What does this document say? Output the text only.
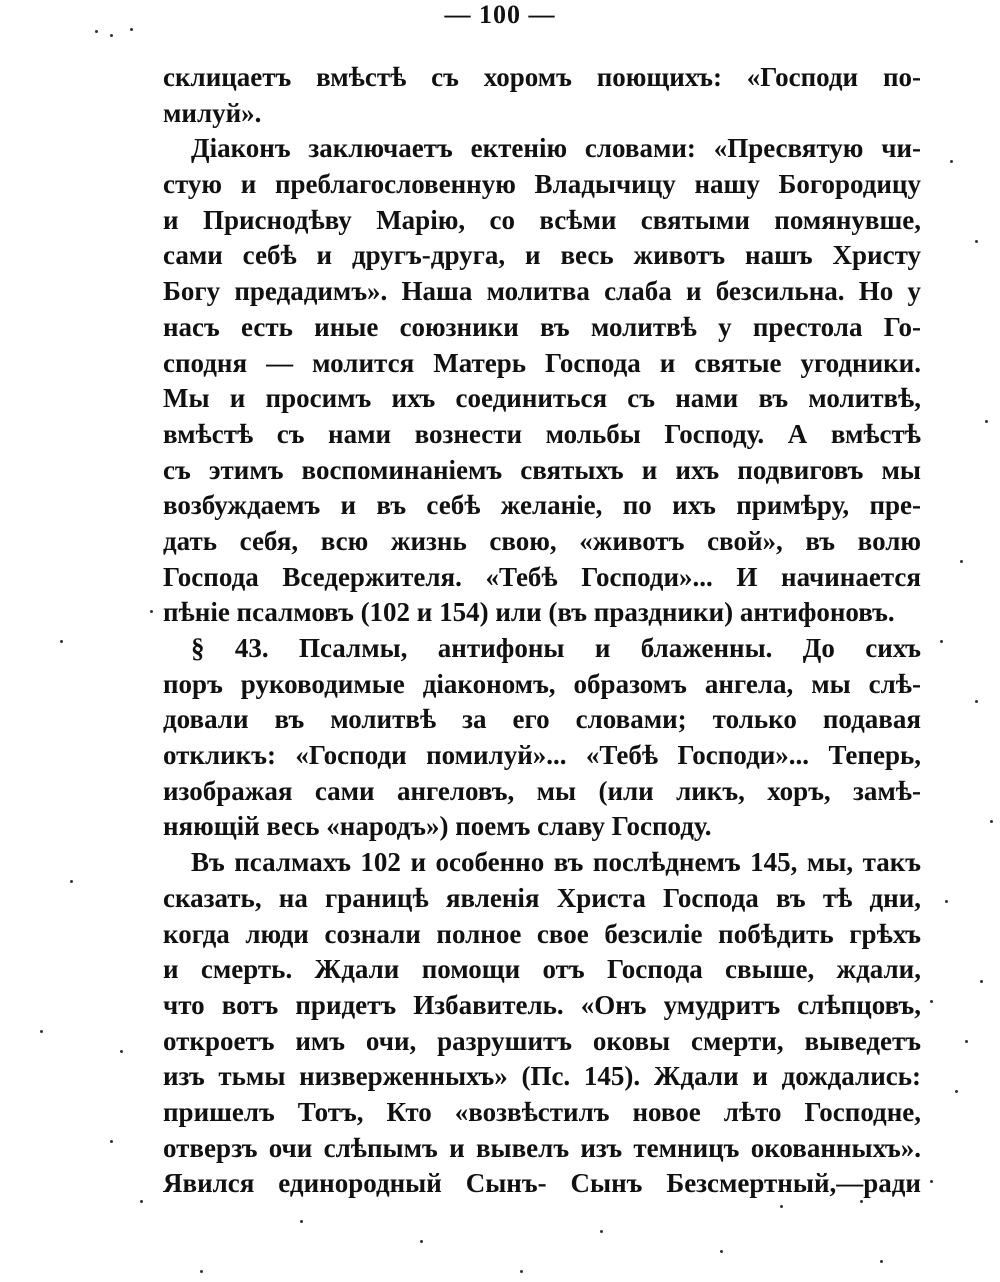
— 100 —
склицаетъ вмѣстѣ съ хоромъ поющихъ: «Господи по-
милуй».
Діаконъ заключаетъ ектенію словами: «Пресвятую чи-
стую и преблагословенную Владычицу нашу Богородицу
и Приснодѣву Марію, со всѣми святыми помянувше,
сами себѣ и другъ-друга, и весь животъ нашъ Христу
Богу предадимъ». Наша молитва слаба и безсильна. Но у
насъ есть иные союзники въ молитвѣ у престола Го-
сподня — молится Матерь Господа и святые угодники.
Мы и просимъ ихъ соединиться съ нами въ молитвѣ,
вмѣстѣ съ нами вознести мольбы Господу. А вмѣстѣ
съ этимъ воспоминаніемъ святыхъ и ихъ подвиговъ мы
возбуждаемъ и въ себѣ желаніе, по ихъ примѣру, пре-
дать себя, всю жизнь свою, «животъ свой», въ волю
Господа Вседержителя. «Тебѣ Господи»... И начинается
пѣніе псалмовъ (102 и 154) или (въ праздники) антифоновъ.
§ 43. Псалмы, антифоны и блаженны. До сихъ
поръ руководимые діакономъ, образомъ ангела, мы слѣ-
довали въ молитвѣ за его словами; только подавая
откликъ: «Господи помилуй»... «Тебѣ Господи»... Теперь,
изображая сами ангеловъ, мы (или ликъ, хоръ, замѣ-
няющій весь «народъ») поемъ славу Господу.
Въ псалмахъ 102 и особенно въ послѣднемъ 145, мы, такъ
сказать, на границѣ явленія Христа Господа въ тѣ дни,
когда люди сознали полное свое безсиліе побѣдить грѣхъ
и смерть. Ждали помощи отъ Господа свыше, ждали,
что вотъ придетъ Избавитель. «Онъ умудритъ слѣпцовъ,
откроетъ имъ очи, разрушитъ оковы смерти, выведетъ
изъ тьмы низверженныхъ» (Пс. 145). Ждали и дождались:
пришелъ Тотъ, Кто «возвѣстилъ новое лѣто Господне,
отверзъ очи слѣпымъ и вывелъ изъ темницъ окованныхъ».
Явился единородный Сынъ- Сынъ Безсмертный,—ради
